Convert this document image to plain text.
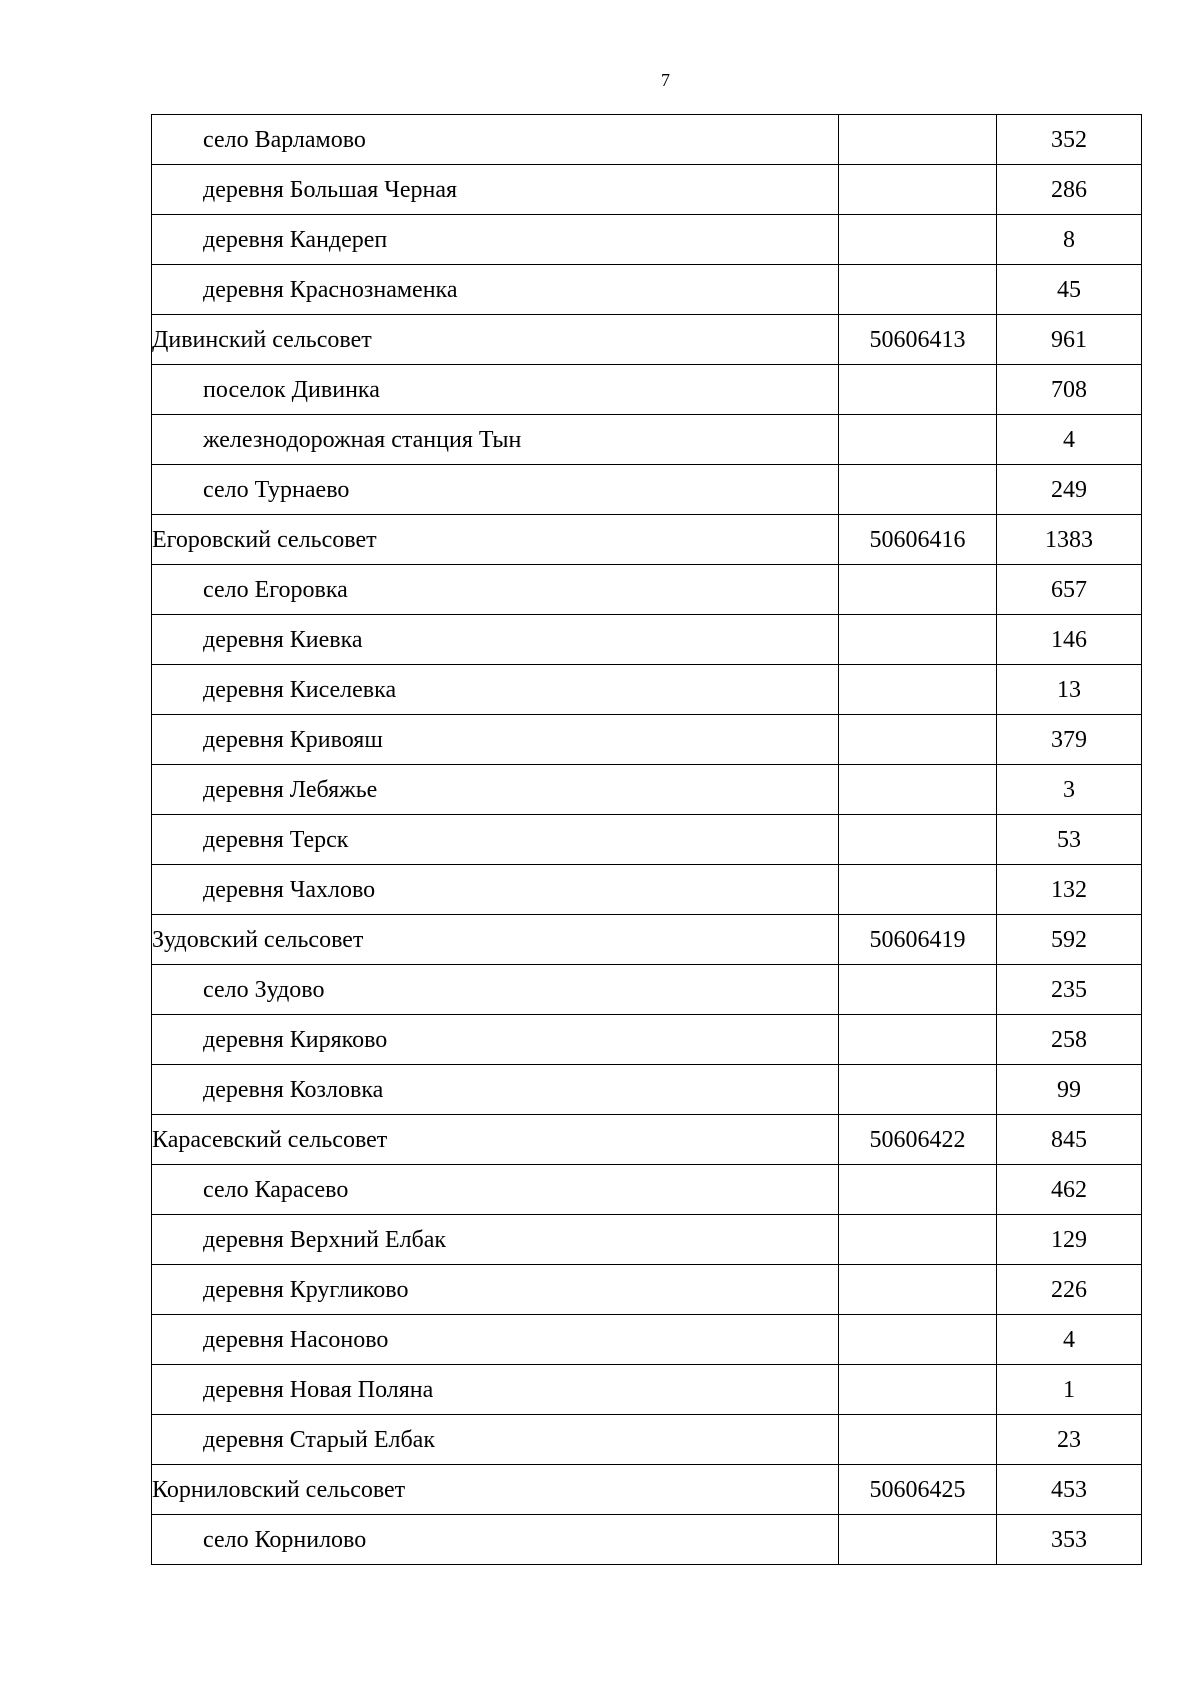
7
село Варламово		352
деревня Большая Черная		286
деревня Кандереп		8
деревня Краснознаменка		45
Дивинский сельсовет	50606413	961
поселок Дивинка		708
железнодорожная станция Тын		4
село Турнаево		249
Егоровский сельсовет	50606416	1383
село Егоровка		657
деревня Киевка		146
деревня Киселевка		13
деревня Кривояш		379
деревня Лебяжье		3
деревня Терск		53
деревня Чахлово		132
Зудовский сельсовет	50606419	592
село Зудово		235
деревня Киряково		258
деревня Козловка		99
Карасевский сельсовет	50606422	845
село Карасево		462
деревня Верхний Елбак		129
деревня Кругликово		226
деревня Насоново		4
деревня Новая Поляна		1
деревня Старый Елбак		23
Корниловский сельсовет	50606425	453
село Корнилово		353
